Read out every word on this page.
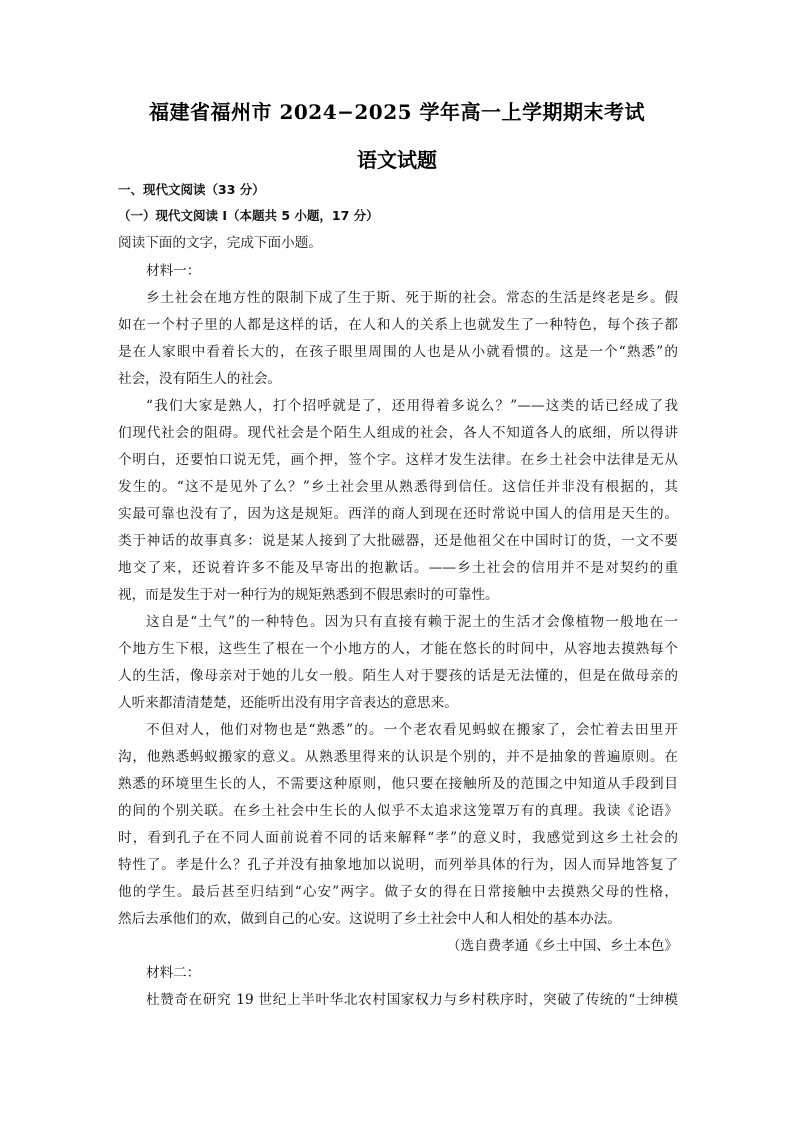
福建省福州市 2024−2025 学年高一上学期期末考试
语文试题
一、现代文阅读（33 分）
（一）现代文阅读 I（本题共 5 小题，17 分）
阅读下面的文字，完成下面小题。
材料一：
乡土社会在地方性的限制下成了生于斯、死于斯的社会。常态的生活是终老是乡。假
如在一个村子里的人都是这样的话，在人和人的关系上也就发生了一种特色，每个孩子都
是在人家眼中看着长大的，在孩子眼里周围的人也是从小就看惯的。这是一个“熟悉”的
社会，没有陌生人的社会。
“我们大家是熟人，打个招呼就是了，还用得着多说么？”——这类的话已经成了我
们现代社会的阻碍。现代社会是个陌生人组成的社会，各人不知道各人的底细，所以得讲
个明白，还要怕口说无凭，画个押，签个字。这样才发生法律。在乡土社会中法律是无从
发生的。“这不是见外了么？”乡土社会里从熟悉得到信任。这信任并非没有根据的，其
实最可靠也没有了，因为这是规矩。西洋的商人到现在还时常说中国人的信用是天生的。
类于神话的故事真多：说是某人接到了大批磁器，还是他祖父在中国时订的货，一文不要
地交了来，还说着许多不能及早寄出的抱歉话。——乡土社会的信用并不是对契约的重
视，而是发生于对一种行为的规矩熟悉到不假思索时的可靠性。
这自是“土气”的一种特色。因为只有直接有赖于泥土的生活才会像植物一般地在一
个地方生下根，这些生了根在一个小地方的人，才能在悠长的时间中，从容地去摸熟每个
人的生活，像母亲对于她的儿女一般。陌生人对于婴孩的话是无法懂的，但是在做母亲的
人听来都清清楚楚，还能听出没有用字音表达的意思来。
不但对人，他们对物也是“熟悉”的。一个老农看见蚂蚁在搬家了，会忙着去田里开
沟，他熟悉蚂蚁搬家的意义。从熟悉里得来的认识是个别的，并不是抽象的普遍原则。在
熟悉的环境里生长的人，不需要这种原则，他只要在接触所及的范围之中知道从手段到目
的间的个别关联。在乡土社会中生长的人似乎不太追求这笼罩万有的真理。我读《论语》
时，看到孔子在不同人面前说着不同的话来解释“孝”的意义时，我感觉到这乡土社会的
特性了。孝是什么？孔子并没有抽象地加以说明，而列举具体的行为，因人而异地答复了
他的学生。最后甚至归结到“心安”两字。做子女的得在日常接触中去摸熟父母的性格，
然后去承他们的欢，做到自己的心安。这说明了乡土社会中人和人相处的基本办法。
（选自费孝通《乡土中国、乡土本色》
材料二：
杜赞奇在研究 19 世纪上半叶华北农村国家权力与乡村秩序时，突破了传统的“士绅模
